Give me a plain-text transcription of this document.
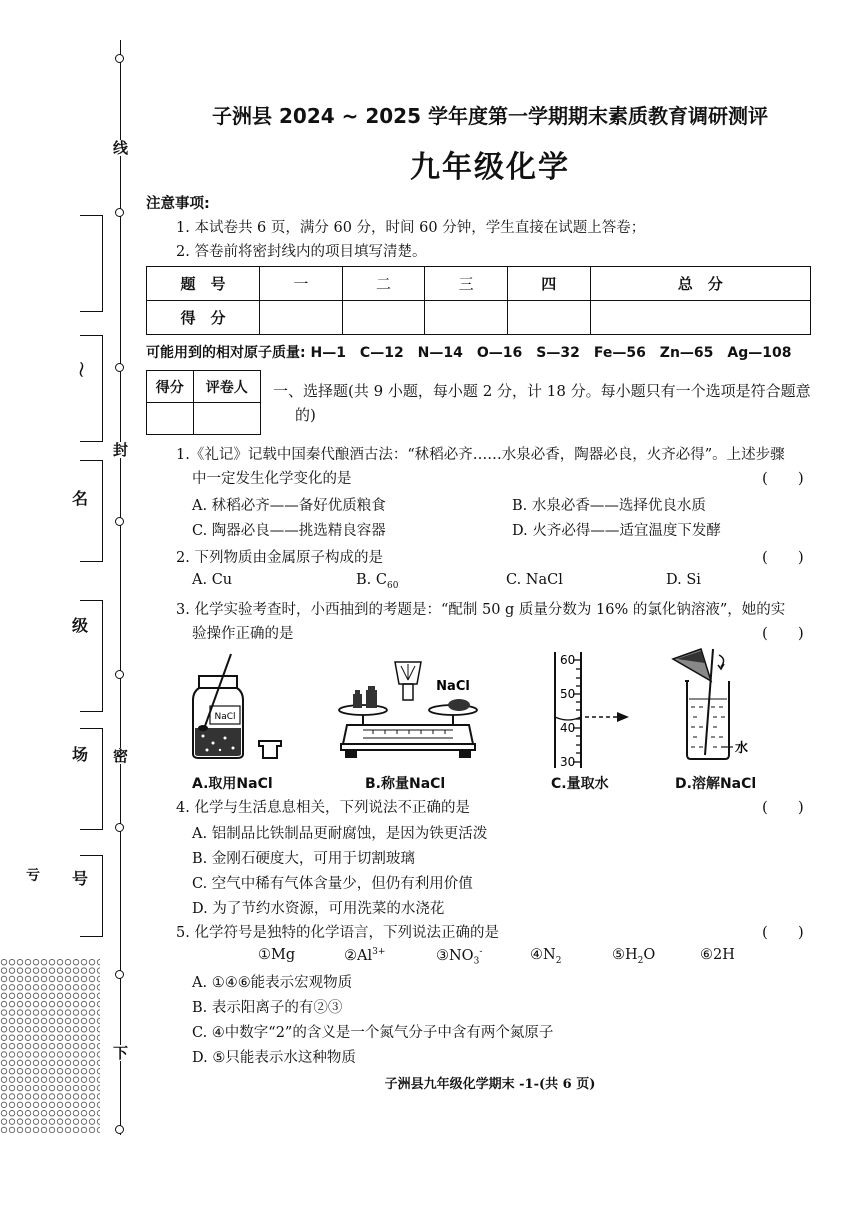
线
封
密
下
〜
名
级
场
亏 号
子洲县 2024 ~ 2025 学年度第一学期期末素质教育调研测评
九年级化学
注意事项:
1. 本试卷共 6 页，满分 60 分，时间 60 分钟，学生直接在试题上答卷；
2. 答卷前将密封线内的项目填写清楚。
题　号	一	二	三	四	总　分
得　分					
可能用到的相对原子质量: H—1　C—12　N—14　O—16　S—32　Fe—56　Zn—65　Ag—108
得分	评卷人
	一、选择题(共 9 小题，每小题 2 分，计 18 分。每小题只有一个选项是符合题意
的)
1.《礼记》记载中国秦代酿酒古法：“秫稻必齐……水泉必香，陶器必良，火齐必得”。上述步骤
中一定发生化学变化的是	(　　)
A. 秫稻必齐——备好优质粮食	B. 水泉必香——选择优良水质
C. 陶器必良——挑选精良容器	D. 火齐必得——适宜温度下发酵
2. 下列物质由金属原子构成的是	(　　)
A. Cu	B. $C_{60}$	C. NaCl	D. Si
3. 化学实验考查时，小西抽到的考题是：“配制 50 g 质量分数为 16% 的氯化钠溶液”，她的实
验操作正确的是	(　　)
NaCl
NaCl
60
50
40
30
水
A.取用NaCl	B.称量NaCl	C.量取水	D.溶解NaCl
4. 化学与生活息息相关，下列说法不正确的是	(　　)
A. 铝制品比铁制品更耐腐蚀，是因为铁更活泼
B. 金刚石硬度大，可用于切割玻璃
C. 空气中稀有气体含量少，但仍有利用价值
D. 为了节约水资源，可用洗菜的水浇花
5. 化学符号是独特的化学语言，下列说法正确的是	(　　)
①Mg	$②Al^{3+}$	$③NO_3^-$	$④N_2$	$⑤H_2O$	⑥2H
A. ①④⑥能表示宏观物质
B. 表示阳离子的有②③
C. ④中数字“2”的含义是一个氮气分子中含有两个氮原子
D. ⑤只能表示水这种物质
子洲县九年级化学期末 -1-(共 6 页)
